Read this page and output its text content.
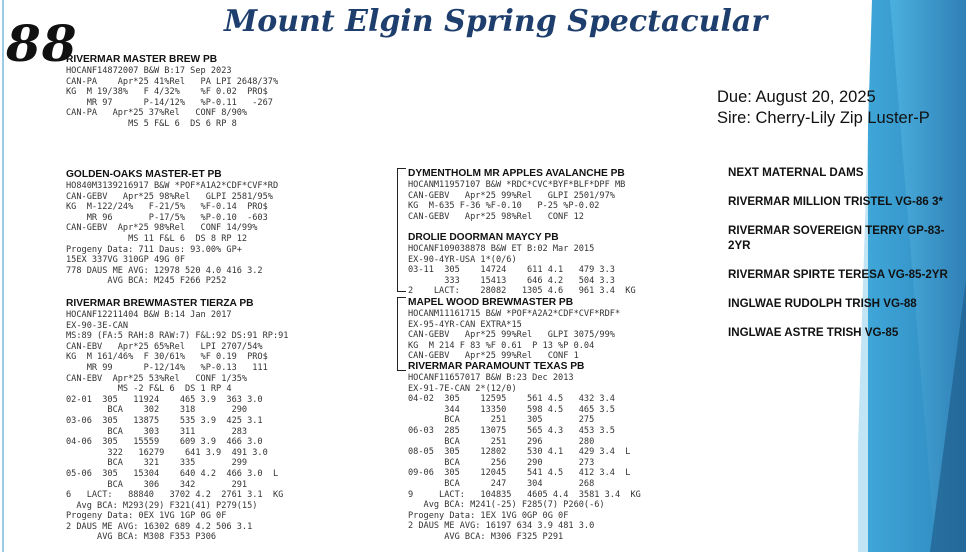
88	Mount Elgin Spring Spectacular
Due: August 20, 2025
Sire: Cherry-Lily Zip Luster-P
RIVERMAR MASTER BREW PB
HOCANF14872007 B&W B:17 Sep 2023
CAN-PA    Apr*25 41%Rel   PA LPI 2648/37%
KG  M 19/38%   F 4/32%    %F 0.02  PRO$
MR 97      P-14/12%   %P-0.11   -267
CAN-PA   Apr*25 37%Rel   CONF 8/90%
MS 5 F&L 6  DS 6 RP 8
GOLDEN-OAKS MASTER-ET PB
HO840M3139216917 B&W *POF*A1A2*CDF*CVF*RD
CAN-GEBV   Apr*25 98%Rel   GLPI 2581/95%
KG  M-122/24%   F-21/5%   %F-0.14  PRO$
MR 96       P-17/5%   %P-0.10  -603
CAN-GEBV  Apr*25 98%Rel   CONF 14/99%
MS 11 F&L 6  DS 8 RP 12
Progeny Data: 711 Daus: 93.00% GP+
15EX 337VG 310GP 49G 0F
778 DAUS ME AVG: 12978 520 4.0 416 3.2
AVG BCA: M245 F266 P252
RIVERMAR BREWMASTER TIERZA PB
HOCANF12211404 B&W B:14 Jan 2017
EX-90-3E-CAN
MS:89 (FA:5 RAH:8 RAW:7) F&L:92 DS:91 RP:91
CAN-EBV   Apr*25 65%Rel   LPI 2707/54%
KG  M 161/46%  F 30/61%   %F 0.19  PRO$
MR 99      P-12/14%   %P-0.13   111
CAN-EBV  Apr*25 53%Rel   CONF 1/35%
MS -2 F&L 6  DS 1 RP 4
02-01  305   11924    465 3.9  363 3.0
BCA    302    318       290
03-06  305   13875    535 3.9  425 3.1
BCA    303    311       283
04-06  305   15559    609 3.9  466 3.0
322   16279    641 3.9  491 3.0
BCA    321    335       299
05-06  305   15304    640 4.2  466 3.0  L
BCA    306    342       291
6   LACT:   88840   3702 4.2  2761 3.1  KG
Avg BCA: M293(29) F321(41) P279(15)
Progeny Data: 0EX 1VG 1GP 0G 0F
2 DAUS ME AVG: 16302 689 4.2 506 3.1
AVG BCA: M308 F353 P306
DYMENTHOLM MR APPLES AVALANCHE PB
HOCANM11957107 B&W *RDC*CVC*BYF*BLF*DPF MB
CAN-GEBV   Apr*25 99%Rel   GLPI 2501/97%
KG  M-635 F-36 %F-0.10   P-25 %P-0.02
CAN-GEBV   Apr*25 98%Rel   CONF 12
DROLIE DOORMAN MAYCY PB
HOCANF109038878 B&W ET B:02 Mar 2015
EX-90-4YR-USA 1*(0/6)
03-11  305    14724    611 4.1   479 3.3
333    15413    646 4.2   504 3.3
2    LACT:    28082   1305 4.6   961 3.4  KG
MAPEL WOOD BREWMASTER PB
HOCANM11161715 B&W *POF*A2A2*CDF*CVF*RDF*
EX-95-4YR-CAN EXTRA*15
CAN-GEBV   Apr*25 99%Rel   GLPI 3075/99%
KG  M 214 F 83 %F 0.61  P 13 %P 0.04
CAN-GEBV   Apr*25 99%Rel   CONF 1
RIVERMAR PARAMOUNT TEXAS PB
HOCANF11657017 B&W B:23 Dec 2013
EX-91-7E-CAN 2*(12/0)
04-02  305    12595    561 4.5   432 3.4
344    13350    598 4.5   465 3.5
BCA      251    305       275
06-03  285    13075    565 4.3   453 3.5
BCA      251    296       280
08-05  305    12802    530 4.1   429 3.4  L
BCA      256    290       273
09-06  305    12045    541 4.5   412 3.4  L
BCA      247    304       268
9     LACT:   104835   4605 4.4  3581 3.4  KG
Avg BCA: M241(-25) F285(7) P260(-6)
Progeny Data: 1EX 1VG 0GP 0G 0F
2 DAUS ME AVG: 16197 634 3.9 481 3.0
AVG BCA: M306 F325 P291
NEXT MATERNAL DAMS
RIVERMAR MILLION TRISTEL VG-86 3*
RIVERMAR SOVEREIGN TERRY GP-83-2YR
RIVERMAR SPIRTE TERESA VG-85-2YR
INGLWAE RUDOLPH TRISH VG-88
INGLWAE ASTRE TRISH VG-85
